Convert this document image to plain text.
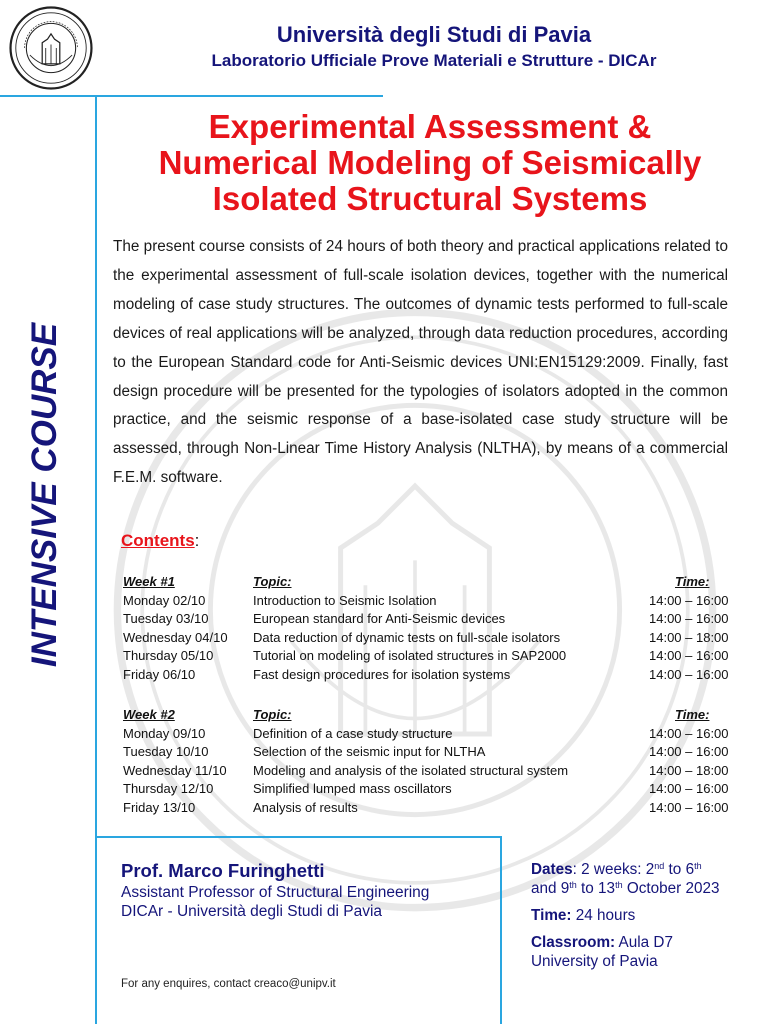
Università degli Studi di Pavia
Laboratorio Ufficiale Prove Materiali e Strutture - DICAr
Experimental Assessment &
Numerical Modeling of Seismically
Isolated Structural Systems
INTENSIVE COURSE
The present course consists of 24 hours of both theory and practical applications related to the experimental assessment of full-scale isolation devices, together with the numerical modeling of case study structures. The outcomes of dynamic tests performed to full-scale devices of real applications will be analyzed, through data reduction procedures, according to the European Standard code for Anti-Seismic devices UNI:EN15129:2009. Finally, fast design procedure will be presented for the typologies of isolators adopted in the common practice, and the seismic response of a base-isolated case study structure will be assessed, through Non-Linear Time History Analysis (NLTHA), by means of a commercial F.E.M. software.
Contents:
Week #1	Topic:	Time:
Monday 02/10	Introduction to Seismic Isolation	14:00 – 16:00
Tuesday 03/10	European standard for Anti-Seismic devices	14:00 – 16:00
Wednesday 04/10 Data reduction of dynamic tests on full-scale isolators	14:00 – 18:00
Thursday 05/10	Tutorial on modeling of isolated structures in SAP2000	14:00 – 16:00
Friday 06/10	Fast design procedures for isolation systems	14:00 – 16:00
Week #2	Topic:	Time:
Monday 09/10	Definition of a case study structure	14:00 – 16:00
Tuesday 10/10	Selection of the seismic input for NLTHA	14:00 – 16:00
Wednesday 11/10 Modeling and analysis of the isolated structural system	14:00 – 18:00
Thursday 12/10	Simplified lumped mass oscillators	14:00 – 16:00
Friday 13/10	Analysis of results	14:00 – 16:00
Prof. Marco Furinghetti
Assistant Professor of Structural Engineering
DICAr - Università degli Studi di Pavia
Dates: 2 weeks: 2nd to 6th
and 9th to 13th October 2023
Time: 24 hours
Classroom: Aula D7
University of Pavia
For any enquires, contact creaco@unipv.it
